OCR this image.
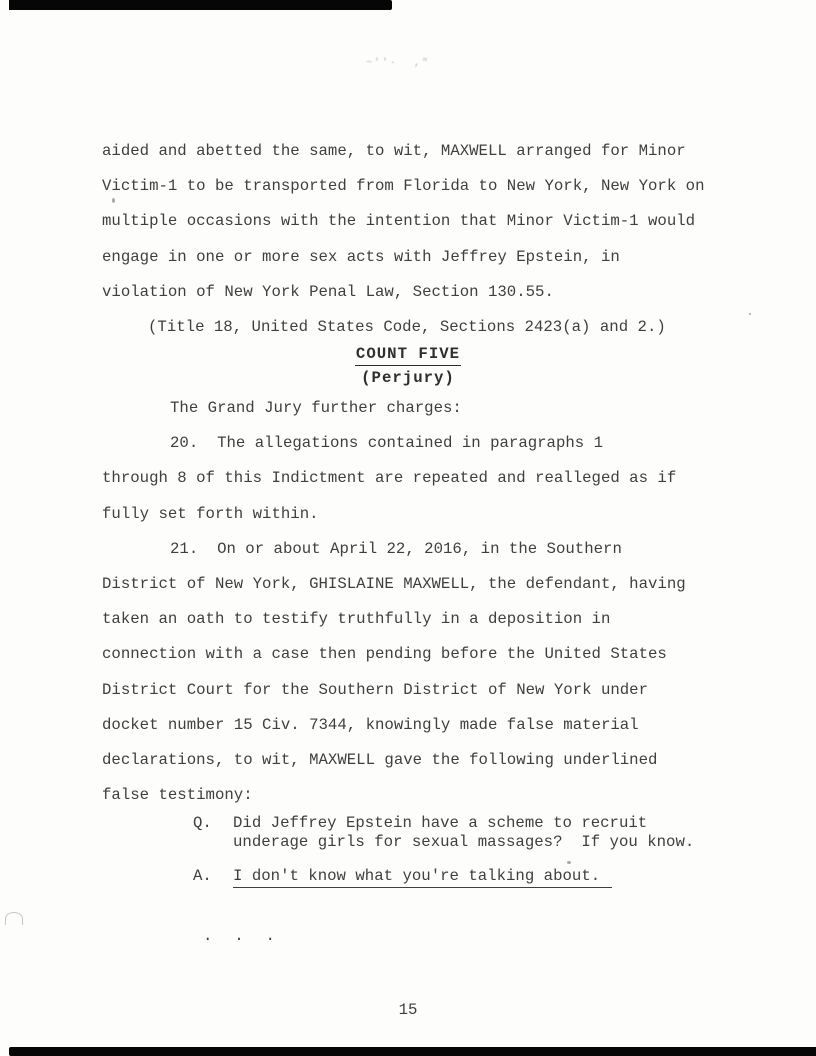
~''·  ,ʺ
aided and abetted the same, to wit, MAXWELL arranged for Minor
Victim-1 to be transported from Florida to New York, New York on
multiple occasions with the intention that Minor Victim-1 would
engage in one or more sex acts with Jeffrey Epstein, in
violation of New York Penal Law, Section 130.55.
(Title 18, United States Code, Sections 2423(a) and 2.)
COUNT FIVE
(Perjury)
The Grand Jury further charges:
20.  The allegations contained in paragraphs 1
through 8 of this Indictment are repeated and realleged as if
fully set forth within.
21.  On or about April 22, 2016, in the Southern
District of New York, GHISLAINE MAXWELL, the defendant, having
taken an oath to testify truthfully in a deposition in
connection with a case then pending before the United States
District Court for the Southern District of New York under
docket number 15 Civ. 7344, knowingly made false material
declarations, to wit, MAXWELL gave the following underlined
false testimony:
Q.	Did Jeffrey Epstein have a scheme to recruit
underage girls for sexual massages?  If you know.
A.	I don't know what you're talking about.
.  .  .
15
